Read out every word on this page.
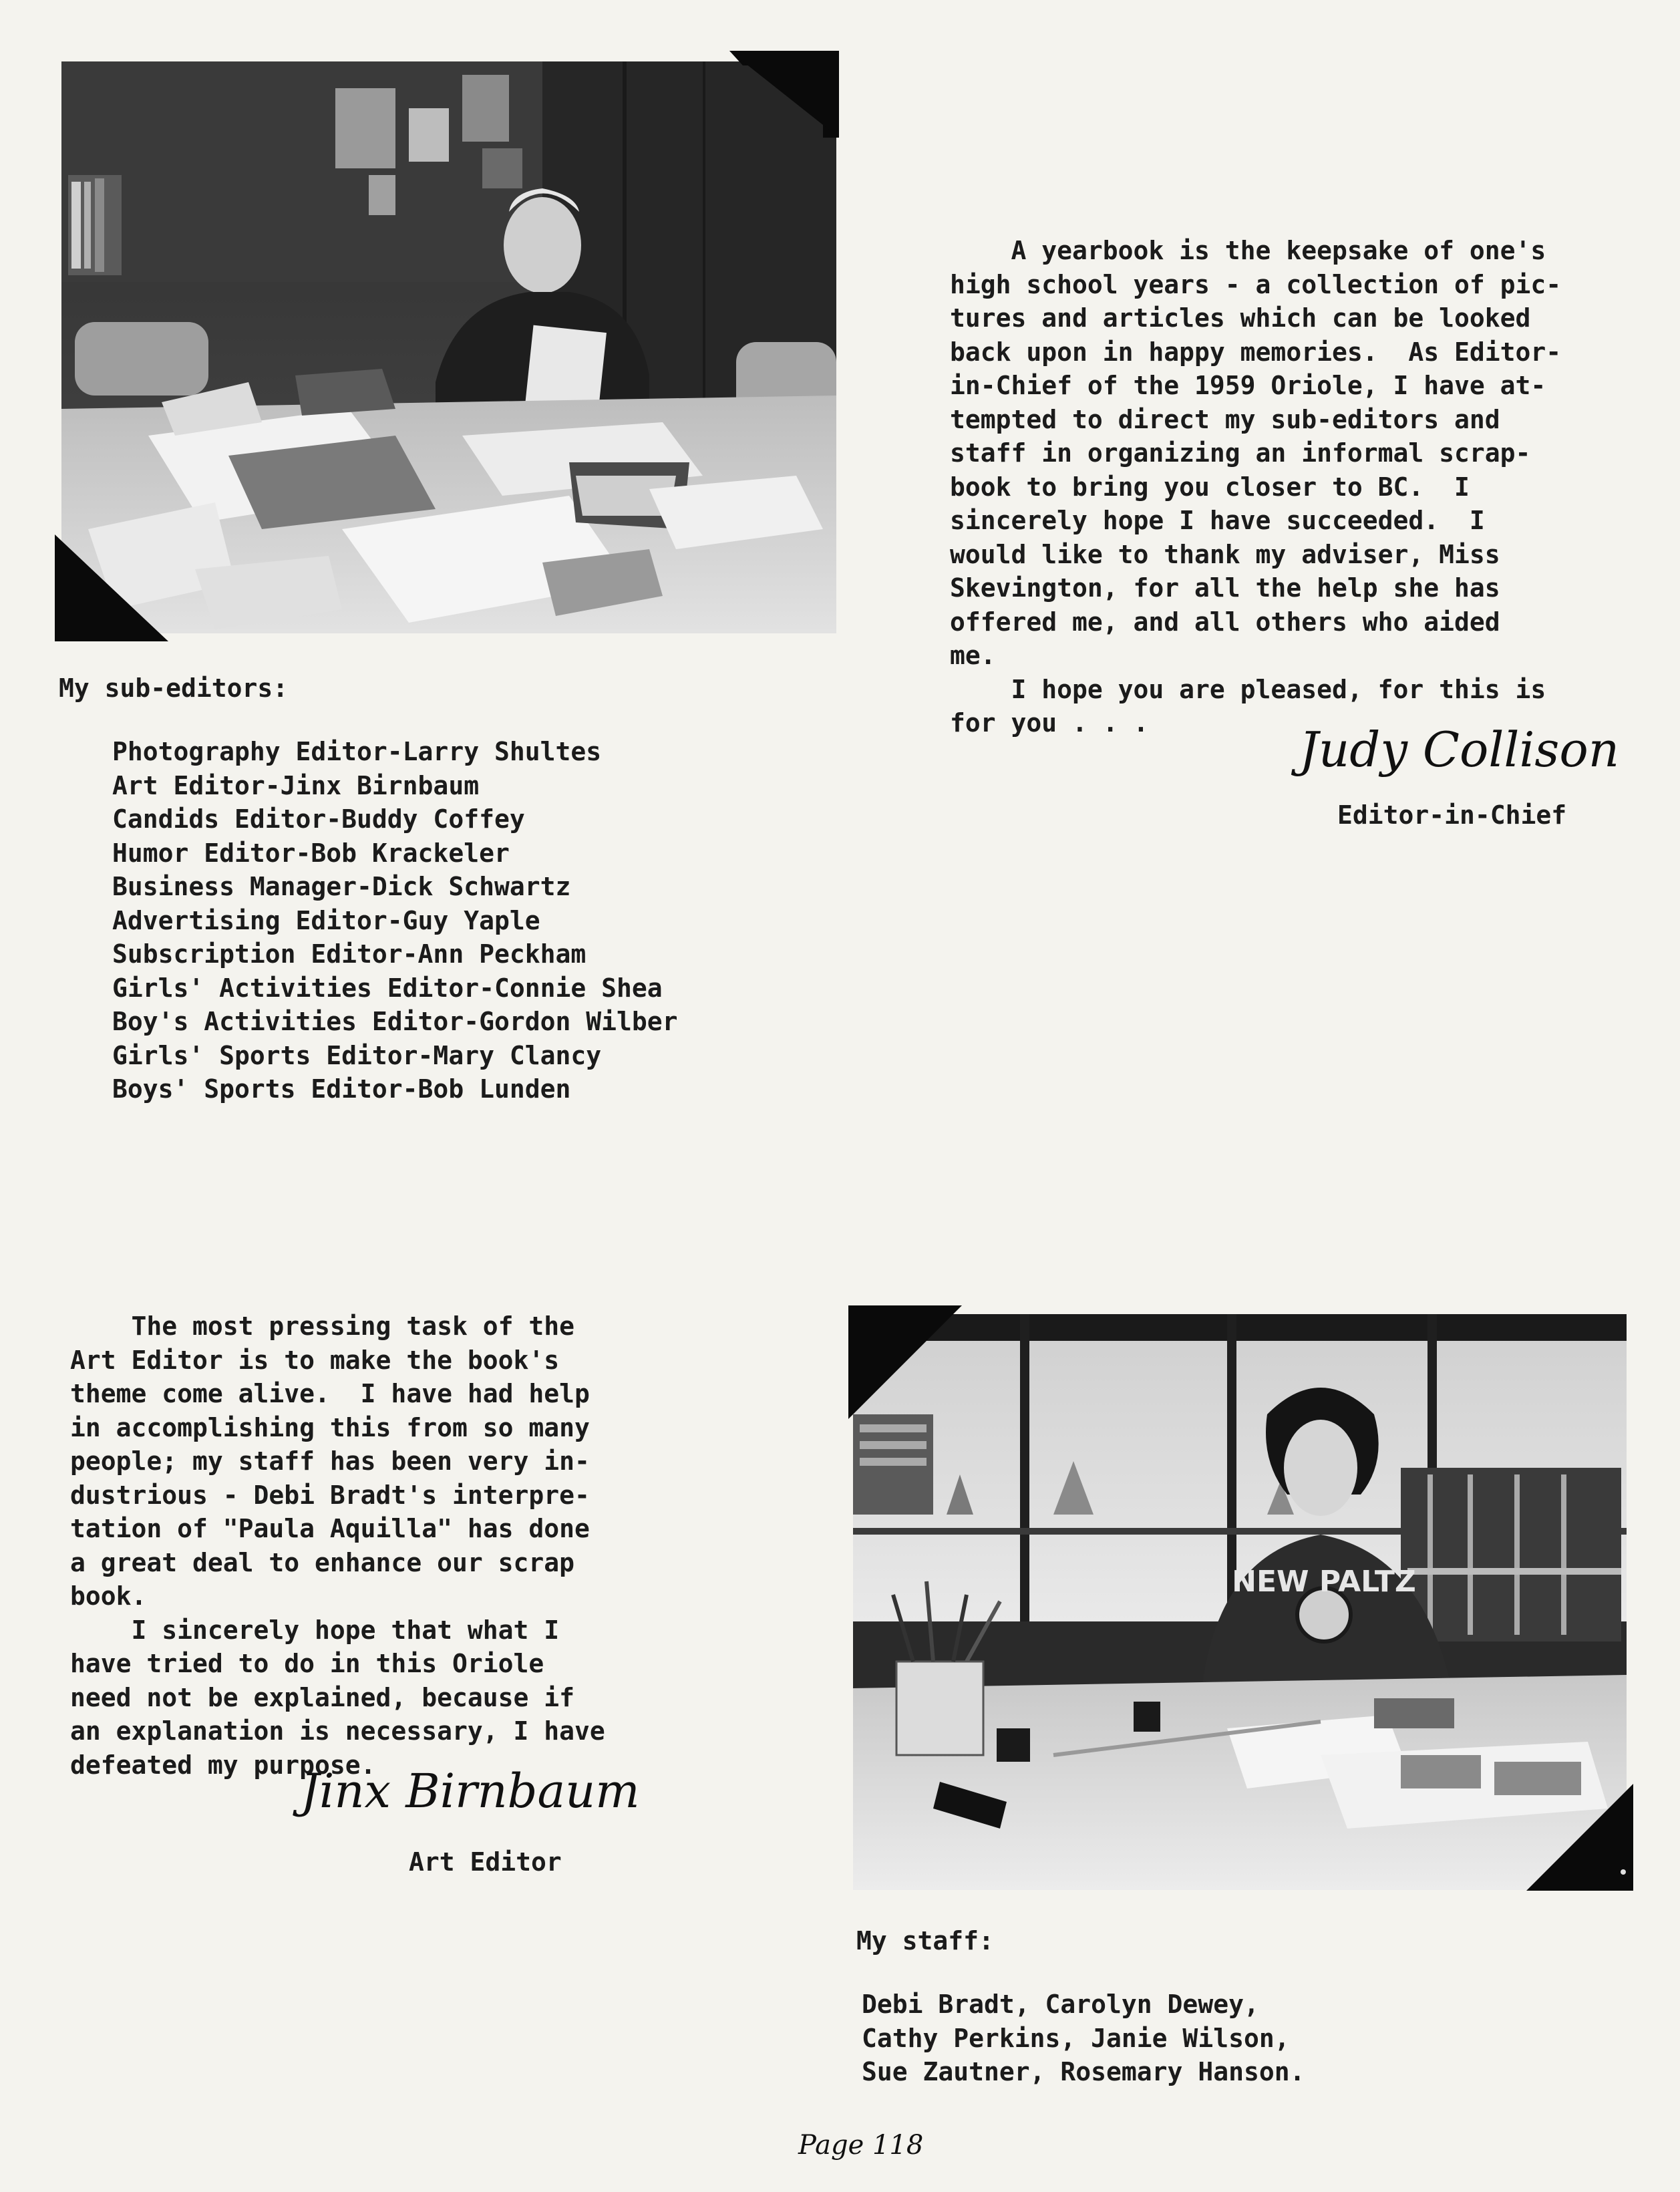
My sub-editors:
Photography Editor-Larry Shultes
Art Editor-Jinx Birnbaum
Candids Editor-Buddy Coffey
Humor Editor-Bob Krackeler
Business Manager-Dick Schwartz
Advertising Editor-Guy Yaple
Subscription Editor-Ann Peckham
Girls' Activities Editor-Connie Shea
Boy's Activities Editor-Gordon Wilber
Girls' Sports Editor-Mary Clancy
Boys' Sports Editor-Bob Lunden
A yearbook is the keepsake of one's
high school years - a collection of pic-
tures and articles which can be looked
back upon in happy memories.  As Editor-
in-Chief of the 1959 Oriole, I have at-
tempted to direct my sub-editors and
staff in organizing an informal scrap-
book to bring you closer to BC.  I
sincerely hope I have succeeded.  I
would like to thank my adviser, Miss
Skevington, for all the help she has
offered me, and all others who aided
me.
I hope you are pleased, for this is
for you . . .	Judy Collison
Editor-in-Chief
The most pressing task of the
Art Editor is to make the book's
theme come alive.  I have had help
in accomplishing this from so many
people; my staff has been very in-
dustrious - Debi Bradt's interpre-
tation of "Paula Aquilla" has done
a great deal to enhance our scrap
book.
I sincerely hope that what I
have tried to do in this Oriole
need not be explained, because if
an explanation is necessary, I have
defeated my purpose.
Jinx Birnbaum
Art Editor
NEW PALTZ
My staff:
Debi Bradt, Carolyn Dewey,
Cathy Perkins, Janie Wilson,
Sue Zautner, Rosemary Hanson.
Page 118
